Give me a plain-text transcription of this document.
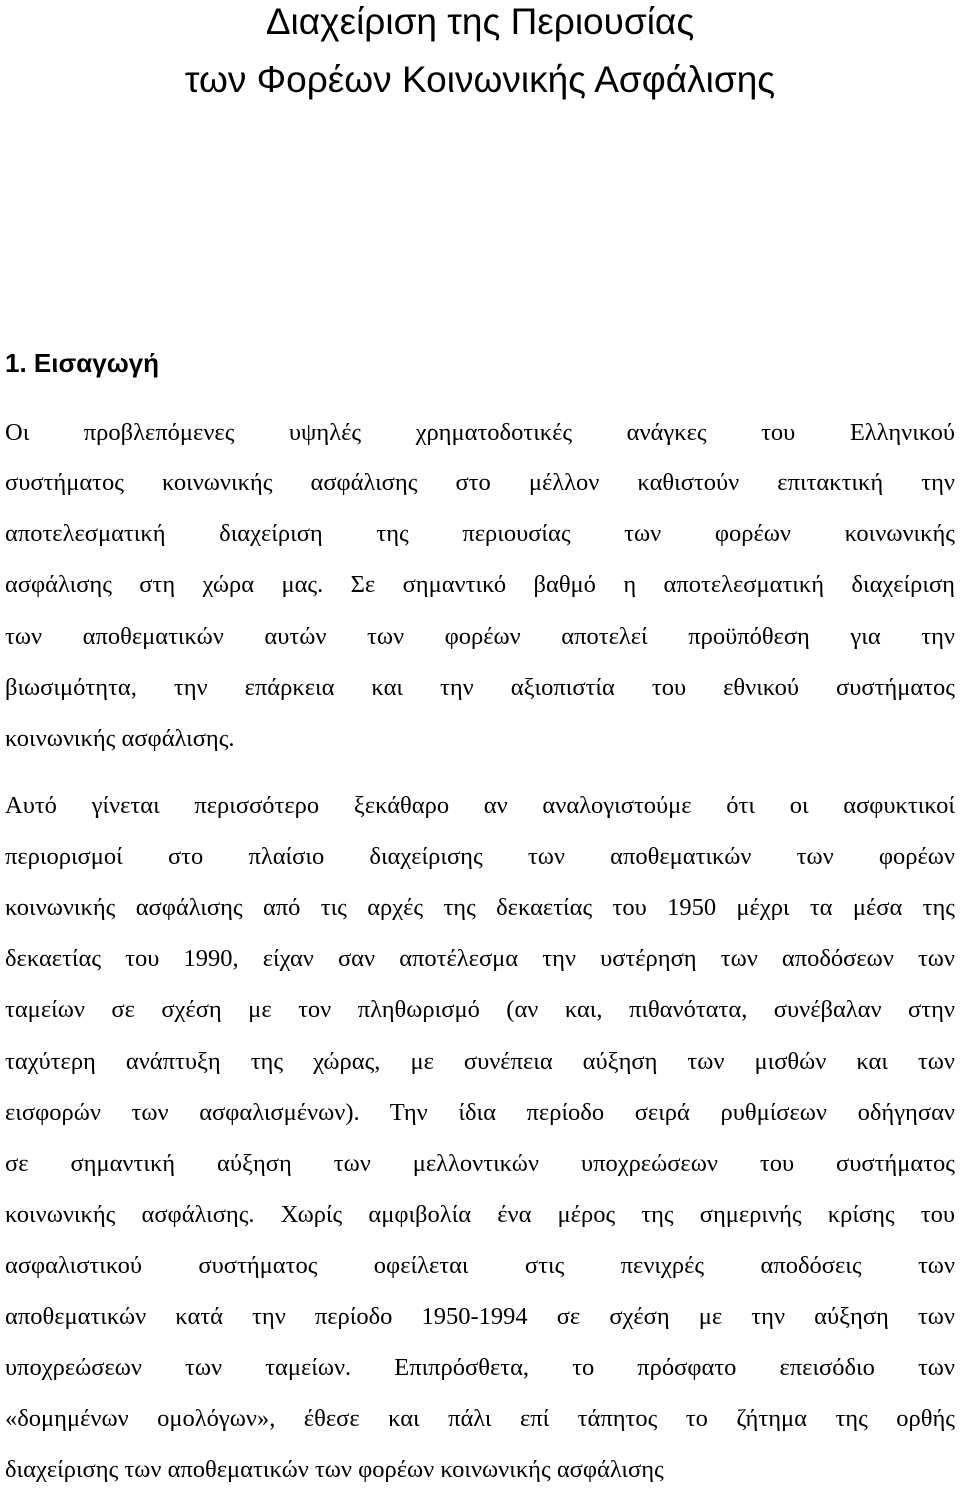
Διαχείριση της Περιουσίας
των Φορέων Κοινωνικής Ασφάλισης
1. Εισαγωγή
Οι προβλεπόμενες υψηλές χρηματοδοτικές ανάγκες του Ελληνικού
συστήματος κοινωνικής ασφάλισης στο μέλλον καθιστούν επιτακτική την
αποτελεσματική διαχείριση της περιουσίας των φορέων κοινωνικής
ασφάλισης στη χώρα μας. Σε σημαντικό βαθμό η αποτελεσματική διαχείριση
των αποθεματικών αυτών των φορέων αποτελεί προϋπόθεση για την
βιωσιμότητα, την επάρκεια και την αξιοπιστία του εθνικού συστήματος
κοινωνικής ασφάλισης.
Αυτό γίνεται περισσότερο ξεκάθαρο αν αναλογιστούμε ότι οι ασφυκτικοί
περιορισμοί στο πλαίσιο διαχείρισης των αποθεματικών των φορέων
κοινωνικής ασφάλισης από τις αρχές της δεκαετίας του 1950 μέχρι τα μέσα της
δεκαετίας του 1990, είχαν σαν αποτέλεσμα την υστέρηση των αποδόσεων των
ταμείων σε σχέση με τον πληθωρισμό (αν και, πιθανότατα, συνέβαλαν στην
ταχύτερη ανάπτυξη της χώρας, με συνέπεια αύξηση των μισθών και των
εισφορών των ασφαλισμένων). Την ίδια περίοδο σειρά ρυθμίσεων οδήγησαν
σε σημαντική αύξηση των μελλοντικών υποχρεώσεων του συστήματος
κοινωνικής ασφάλισης. Χωρίς αμφιβολία ένα μέρος της σημερινής κρίσης του
ασφαλιστικού συστήματος οφείλεται στις πενιχρές αποδόσεις των
αποθεματικών κατά την περίοδο 1950-1994 σε σχέση με την αύξηση των
υποχρεώσεων των ταμείων. Επιπρόσθετα, το πρόσφατο επεισόδιο των
«δομημένων ομολόγων», έθεσε και πάλι επί τάπητος το ζήτημα της ορθής
διαχείρισης των αποθεματικών των φορέων κοινωνικής ασφάλισης
